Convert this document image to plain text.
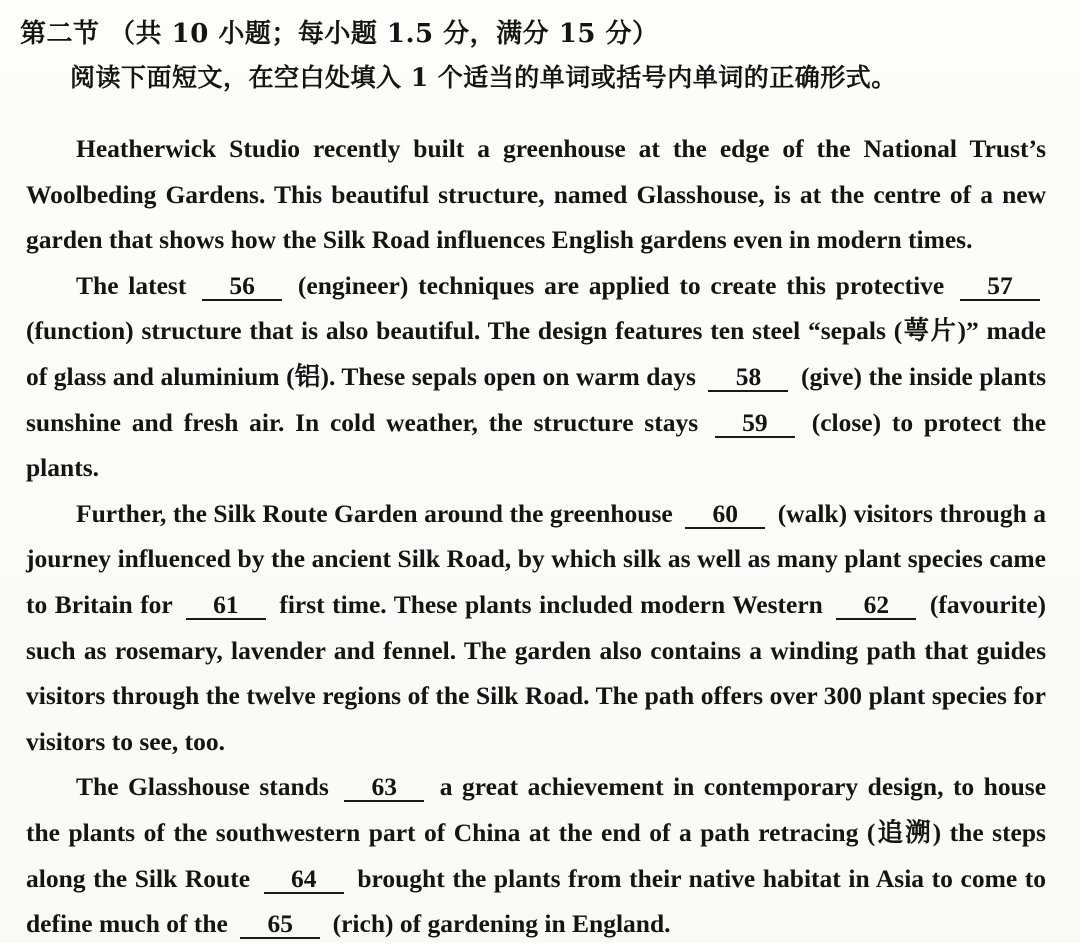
第二节 （共 10 小题；每小题 1.5 分，满分 15 分）
阅读下面短文，在空白处填入 1 个适当的单词或括号内单词的正确形式。

Heatherwick Studio recently built a greenhouse at the edge of the National Trust’s Woolbeding Gardens. This beautiful structure, named Glasshouse, is at the centre of a new garden that shows how the Silk Road influences English gardens even in modern times.

The latest 56 (engineer) techniques are applied to create this protective 57 (function) structure that is also beautiful. The design features ten steel “sepals (萼片)” made of glass and aluminium (铝). These sepals open on warm days 58 (give) the inside plants sunshine and fresh air. In cold weather, the structure stays 59 (close) to protect the plants.

Further, the Silk Route Garden around the greenhouse 60 (walk) visitors through a journey influenced by the ancient Silk Road, by which silk as well as many plant species came to Britain for 61 first time. These plants included modern Western 62 (favourite) such as rosemary, lavender and fennel. The garden also contains a winding path that guides visitors through the twelve regions of the Silk Road. The path offers over 300 plant species for visitors to see, too.

The Glasshouse stands 63 a great achievement in contemporary design, to house the plants of the southwestern part of China at the end of a path retracing (追溯) the steps along the Silk Route 64 brought the plants from their native habitat in Asia to come to define much of the 65 (rich) of gardening in England.
